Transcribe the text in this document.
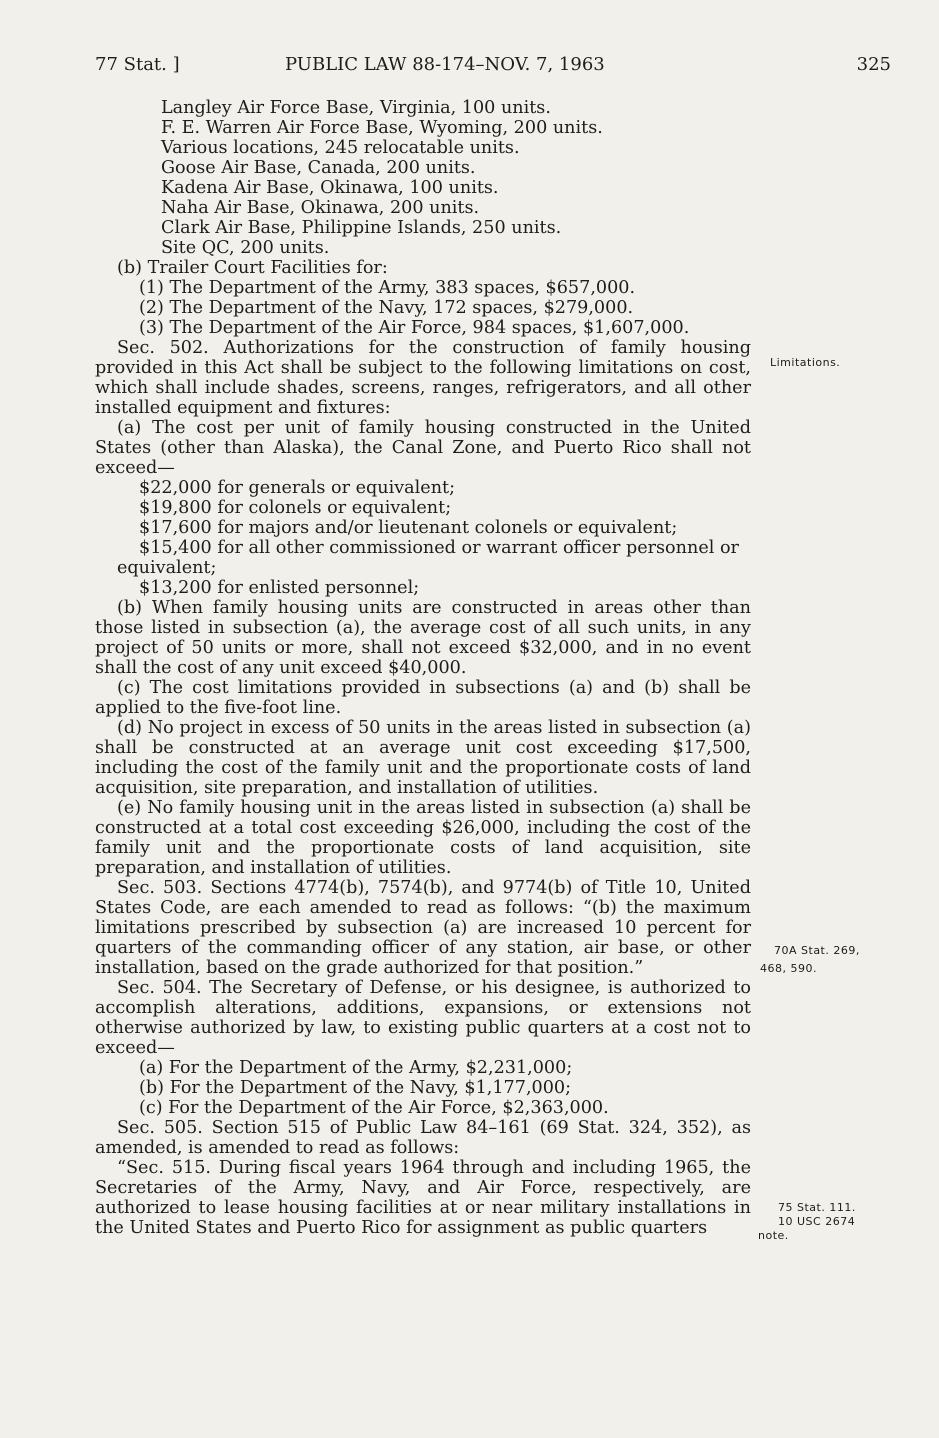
77 Stat. ]	PUBLIC LAW 88-174–NOV. 7, 1963	325

Langley Air Force Base, Virginia, 100 units.

F. E. Warren Air Force Base, Wyoming, 200 units.

Various locations, 245 relocatable units.

Goose Air Base, Canada, 200 units.

Kadena Air Base, Okinawa, 100 units.

Naha Air Base, Okinawa, 200 units.

Clark Air Base, Philippine Islands, 250 units.

Site QC, 200 units.

(b) Trailer Court Facilities for:

(1) The Department of the Army, 383 spaces, $657,000.

(2) The Department of the Navy, 172 spaces, $279,000.

(3) The Department of the Air Force, 984 spaces, $1,607,000.

Sec. 502. Authorizations for the construction of family housing provided in this Act shall be subject to the following limitations on cost, which shall include shades, screens, ranges, refrigerators, and all other installed equipment and fixtures:

(a) The cost per unit of family housing constructed in the United States (other than Alaska), the Canal Zone, and Puerto Rico shall not exceed—

$22,000 for generals or equivalent;

$19,800 for colonels or equivalent;

$17,600 for majors and/or lieutenant colonels or equivalent;

$15,400 for all other commissioned or warrant officer personnel or equivalent;

$13,200 for enlisted personnel;

(b) When family housing units are constructed in areas other than those listed in subsection (a), the average cost of all such units, in any project of 50 units or more, shall not exceed $32,000, and in no event shall the cost of any unit exceed $40,000.

(c) The cost limitations provided in subsections (a) and (b) shall be applied to the five-foot line.

(d) No project in excess of 50 units in the areas listed in subsection (a) shall be constructed at an average unit cost exceeding $17,500, including the cost of the family unit and the proportionate costs of land acquisition, site preparation, and installation of utilities.

(e) No family housing unit in the areas listed in subsection (a) shall be constructed at a total cost exceeding $26,000, including the cost of the family unit and the proportionate costs of land acquisition, site preparation, and installation of utilities.

Sec. 503. Sections 4774(b), 7574(b), and 9774(b) of Title 10, United States Code, are each amended to read as follows: “(b) the maximum limitations prescribed by subsection (a) are increased 10 percent for quarters of the commanding officer of any station, air base, or other installation, based on the grade authorized for that position.”

Sec. 504. The Secretary of Defense, or his designee, is authorized to accomplish alterations, additions, expansions, or extensions not otherwise authorized by law, to existing public quarters at a cost not to exceed—

(a) For the Department of the Army, $2,231,000;

(b) For the Department of the Navy, $1,177,000;

(c) For the Department of the Air Force, $2,363,000.

Sec. 505. Section 515 of Public Law 84–161 (69 Stat. 324, 352), as amended, is amended to read as follows:

“Sec. 515. During fiscal years 1964 through and including 1965, the Secretaries of the Army, Navy, and Air Force, respectively, are authorized to lease housing facilities at or near military installations in the United States and Puerto Rico for assignment as public quarters

Limitations.
70A Stat. 269,
468, 590.
75 Stat. 111.
10 USC 2674
note.
